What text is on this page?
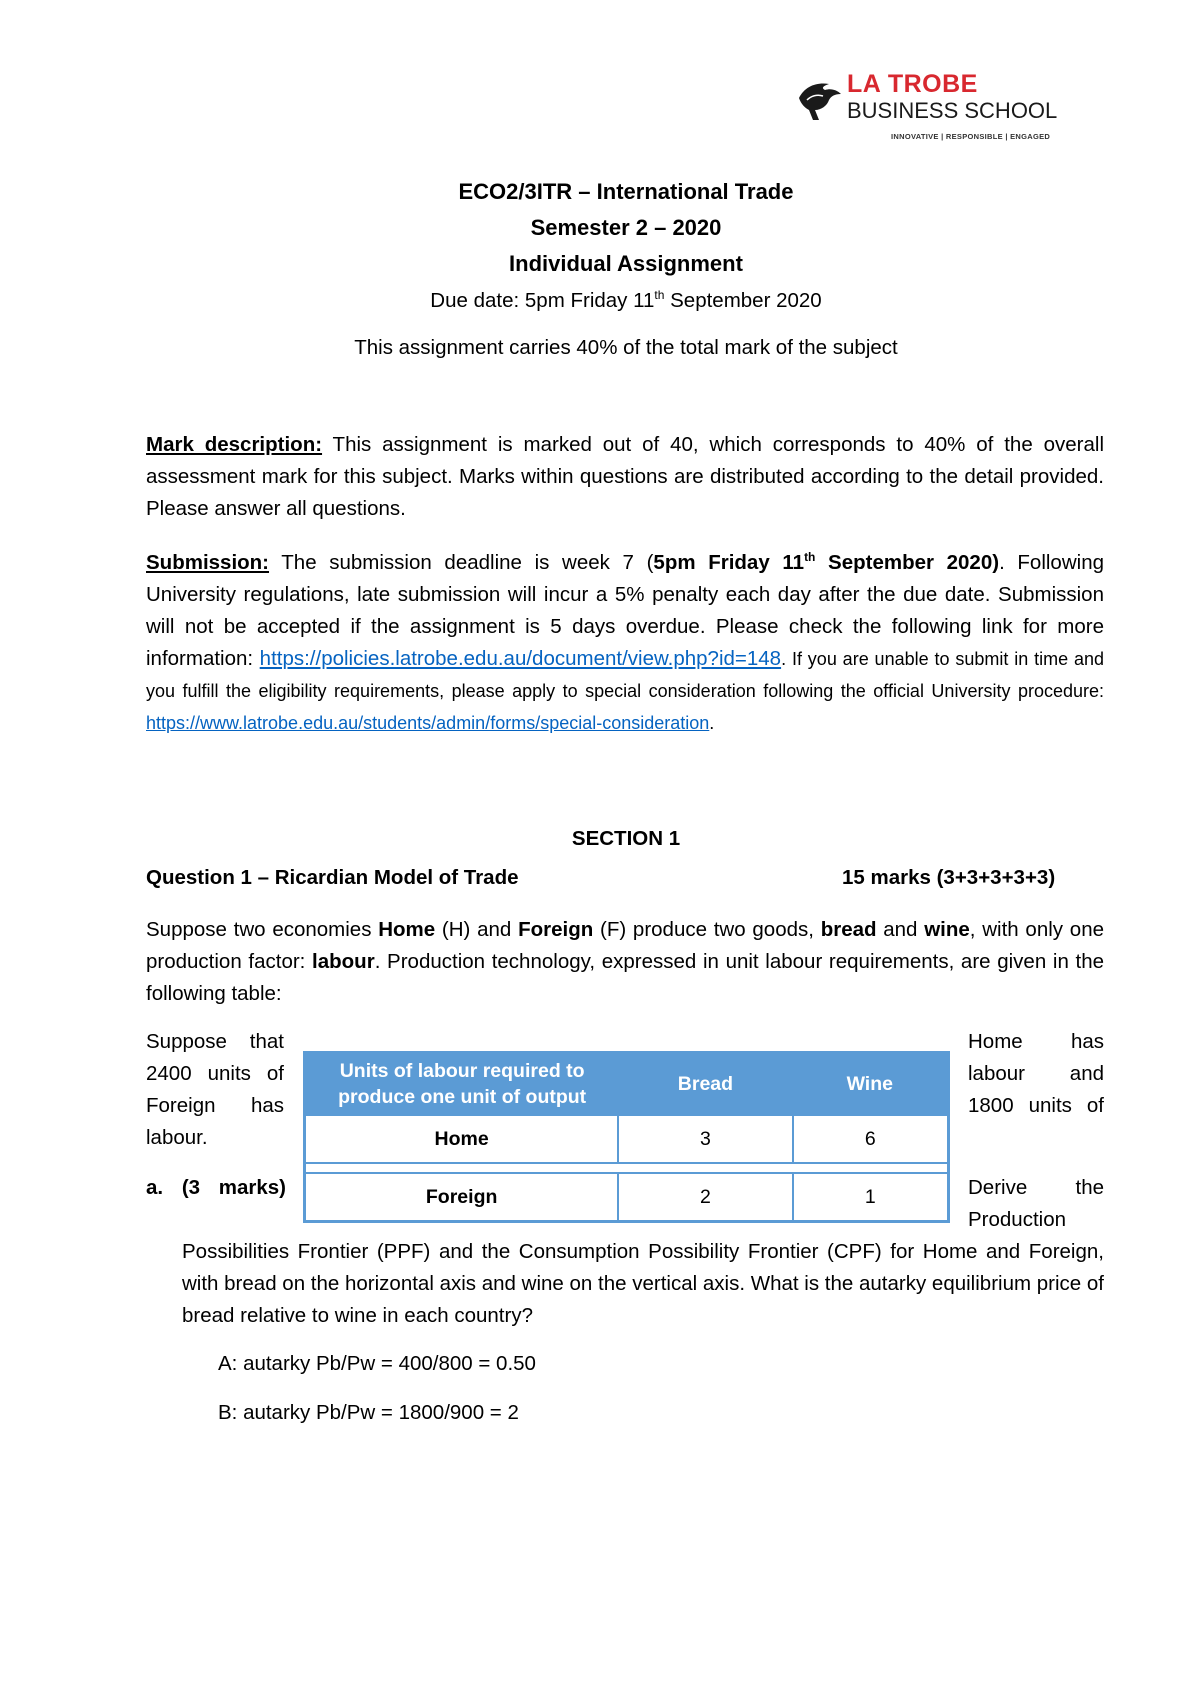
LA TROBE
BUSINESS SCHOOL
INNOVATIVE | RESPONSIBLE | ENGAGED
ECO2/3ITR – International Trade
Semester 2 – 2020
Individual Assignment
Due date: 5pm Friday 11th September 2020
This assignment carries 40% of the total mark of the subject
Mark description: This assignment is marked out of 40, which corresponds to 40% of the overall assessment mark for this subject. Marks within questions are distributed according to the detail provided. Please answer all questions.
Submission: The submission deadline is week 7 (5pm Friday 11th September 2020). Following University regulations, late submission will incur a 5% penalty each day after the due date. Submission will not be accepted if the assignment is 5 days overdue. Please check the following link for more information: https://policies.latrobe.edu.au/document/view.php?id=148. If you are unable to submit in time and you fulfill the eligibility requirements, please apply to special consideration following the official University procedure: https://www.latrobe.edu.au/students/admin/forms/special-consideration.
SECTION 1
Question 1 – Ricardian Model of Trade	15 marks (3+3+3+3+3)
Suppose two economies Home (H) and Foreign (F) produce two goods, bread and wine, with only one production factor: labour. Production technology, expressed in unit labour requirements, are given in the following table:
Suppose that
2400 units of
Foreign has
labour.
a. (3 marks)
Home has
labour and
1800 units of
Derive the
Production
Units of labour required to produce one unit of output	Bread	Wine
Home	3	6

Foreign	2	1
Possibilities Frontier (PPF) and the Consumption Possibility Frontier (CPF) for Home and Foreign, with bread on the horizontal axis and wine on the vertical axis. What is the autarky equilibrium price of bread relative to wine in each country?
A: autarky Pb/Pw = 400/800 = 0.50
B: autarky Pb/Pw = 1800/900 = 2
